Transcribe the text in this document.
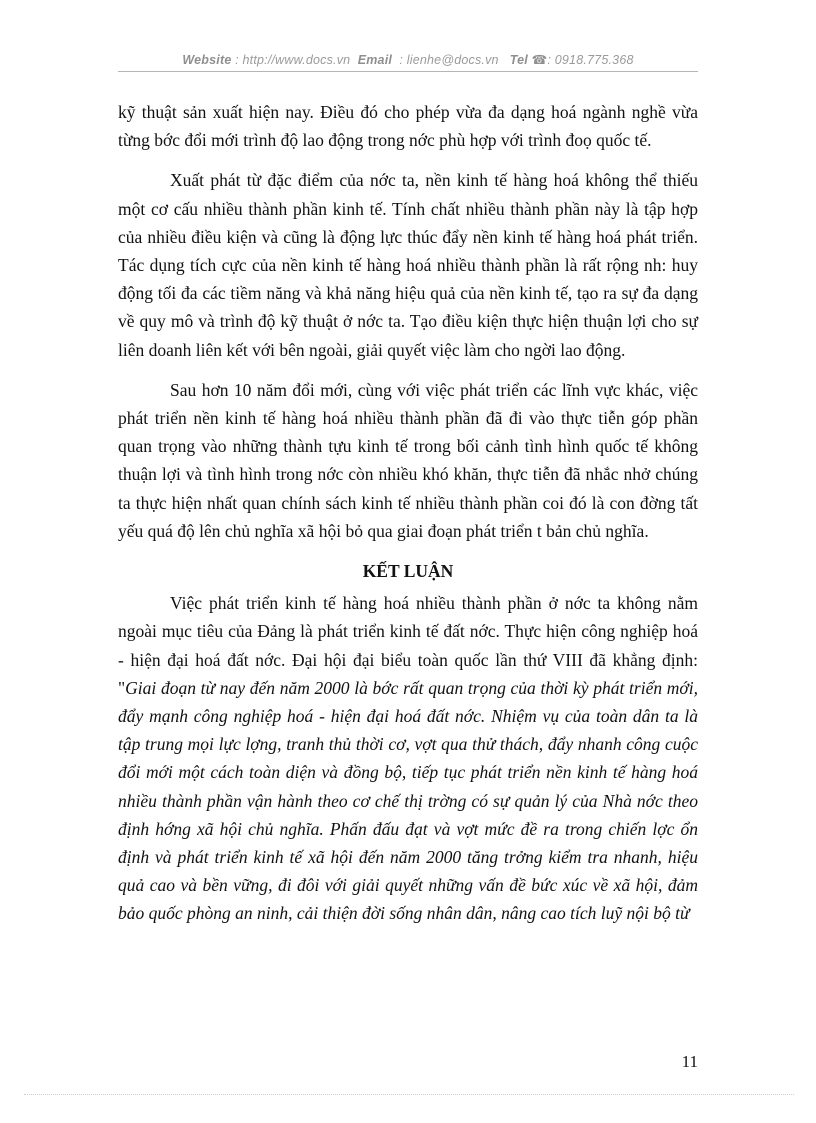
Website : http://www.docs.vn Email : lienhe@docs.vn Tel ☎: 0918.775.368

kỹ thuật sản xuất hiện nay. Điều đó cho phép vừa đa dạng hoá ngành nghề vừa từng bớc đổi mới trình độ lao động trong nớc phù hợp với trình đoọ quốc tế.

Xuất phát từ đặc điểm của nớc ta, nền kinh tế hàng hoá không thể thiếu một cơ cấu nhiều thành phần kinh tế. Tính chất nhiều thành phần này là tập hợp của nhiều điều kiện và cũng là động lực thúc đẩy nền kinh tế hàng hoá phát triển. Tác dụng tích cực của nền kinh tế hàng hoá nhiều thành phần là rất rộng nh: huy động tối đa các tiềm năng và khả năng hiệu quả của nền kinh tế, tạo ra sự đa dạng về quy mô và trình độ kỹ thuật ở nớc ta. Tạo điều kiện thực hiện thuận lợi cho sự liên doanh liên kết với bên ngoài, giải quyết việc làm cho ngời lao động.

Sau hơn 10 năm đổi mới, cùng với việc phát triển các lĩnh vực khác, việc phát triển nền kinh tế hàng hoá nhiều thành phần đã đi vào thực tiễn góp phần quan trọng vào những thành tựu kinh tế trong bối cảnh tình hình quốc tế không thuận lợi và tình hình trong nớc còn nhiều khó khăn, thực tiễn đã nhắc nhở chúng ta thực hiện nhất quan chính sách kinh tế nhiều thành phần coi đó là con đờng tất yếu quá độ lên chủ nghĩa xã hội bỏ qua giai đoạn phát triển t bản chủ nghĩa.

KẾT LUẬN

Việc phát triển kinh tế hàng hoá nhiều thành phần ở nớc ta không nằm ngoài mục tiêu của Đảng là phát triển kinh tế đất nớc. Thực hiện công nghiệp hoá - hiện đại hoá đất nớc. Đại hội đại biểu toàn quốc lần thứ VIII đã khẳng định: "Giai đoạn từ nay đến năm 2000 là bớc rất quan trọng của thời kỳ phát triển mới, đẩy mạnh công nghiệp hoá - hiện đại hoá đất nớc. Nhiệm vụ của toàn dân ta là tập trung mọi lực lợng, tranh thủ thời cơ, vợt qua thử thách, đẩy nhanh công cuộc đổi mới một cách toàn diện và đồng bộ, tiếp tục phát triển nền kinh tế hàng hoá nhiều thành phần vận hành theo cơ chế thị trờng có sự quản lý của Nhà nớc theo định hớng xã hội chủ nghĩa. Phấn đấu đạt và vợt mức đề ra trong chiến lợc ổn định và phát triển kinh tế xã hội đến năm 2000 tăng trởng kiểm tra nhanh, hiệu quả cao và bền vững, đi đôi với giải quyết những vấn đề bức xúc về xã hội, đảm bảo quốc phòng an ninh, cải thiện đời sống nhân dân, nâng cao tích luỹ nội bộ từ

11
